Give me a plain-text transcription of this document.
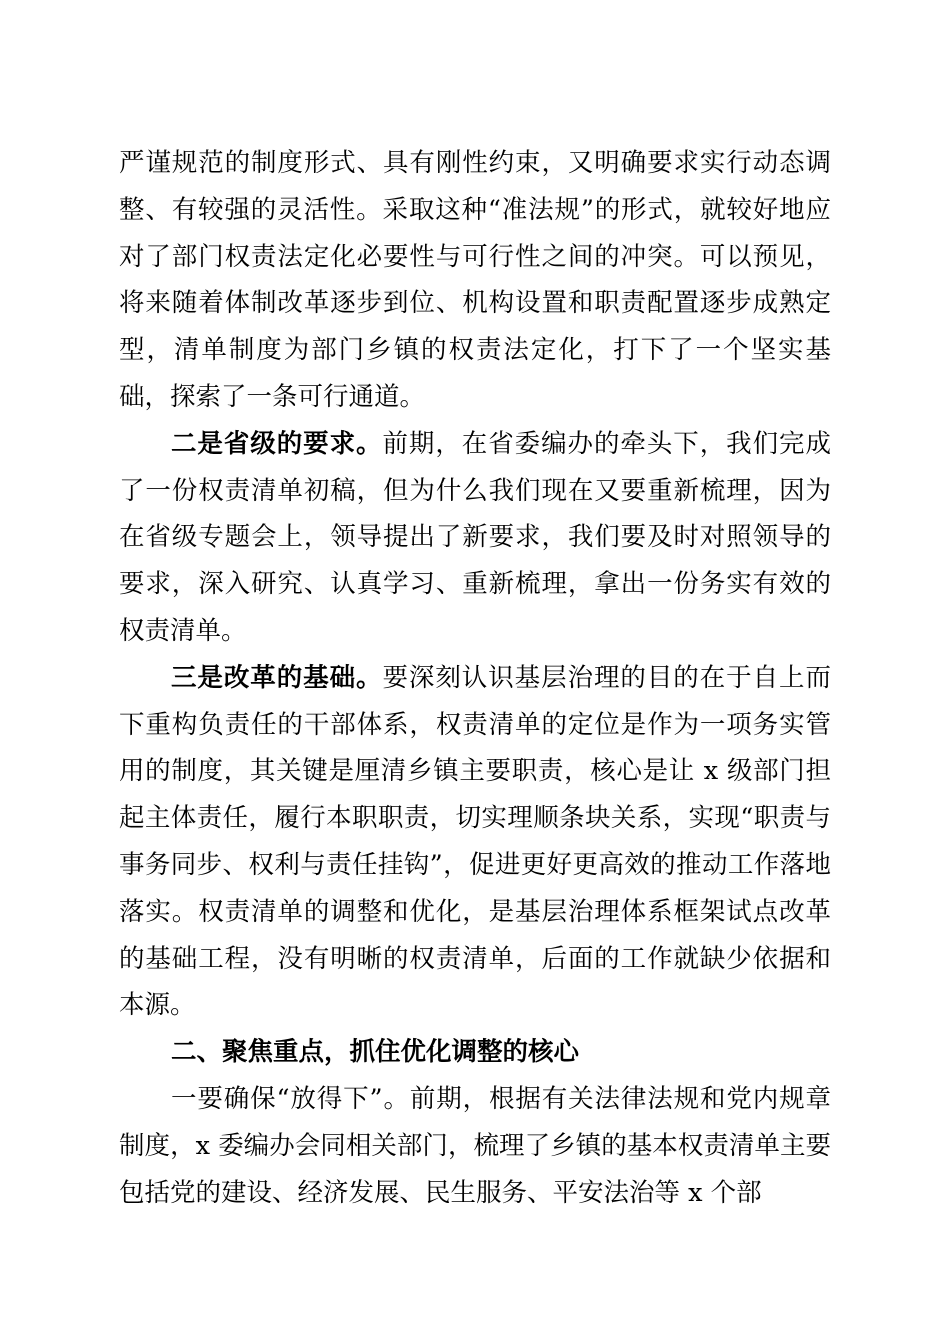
严谨规范的制度形式、具有刚性约束，又明确要求实行动态调整、有较强的灵活性。采取这种“准法规”的形式，就较好地应对了部门权责法定化必要性与可行性之间的冲突。可以预见，将来随着体制改革逐步到位、机构设置和职责配置逐步成熟定型，清单制度为部门乡镇的权责法定化，打下了一个坚实基础，探索了一条可行通道。

二是省级的要求。前期，在省委编办的牵头下，我们完成了一份权责清单初稿，但为什么我们现在又要重新梳理，因为在省级专题会上，领导提出了新要求，我们要及时对照领导的要求，深入研究、认真学习、重新梳理，拿出一份务实有效的权责清单。

三是改革的基础。要深刻认识基层治理的目的在于自上而下重构负责任的干部体系，权责清单的定位是作为一项务实管用的制度，其关键是厘清乡镇主要职责，核心是让 x 级部门担起主体责任，履行本职职责，切实理顺条块关系，实现“职责与事务同步、权利与责任挂钩”，促进更好更高效的推动工作落地落实。权责清单的调整和优化，是基层治理体系框架试点改革的基础工程，没有明晰的权责清单，后面的工作就缺少依据和本源。

二、聚焦重点，抓住优化调整的核心

一要确保“放得下”。前期，根据有关法律法规和党内规章制度，x 委编办会同相关部门，梳理了乡镇的基本权责清单主要包括党的建设、经济发展、民生服务、平安法治等 x 个部
